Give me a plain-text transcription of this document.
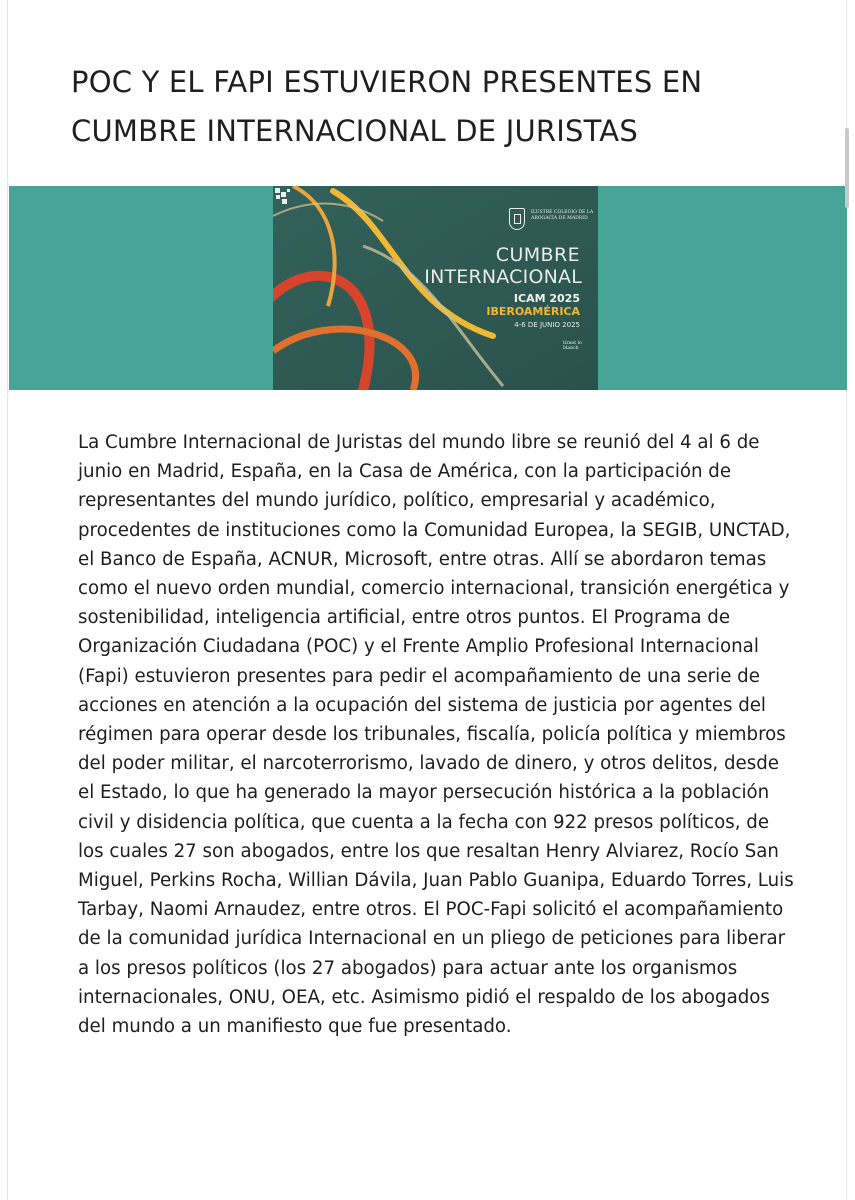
POC Y EL FAPI ESTUVIERON PRESENTES EN CUMBRE INTERNACIONAL DE JURISTAS
ILUSTRE COLEGIO DE LA ABOGACÍA DE MADRID
CUMBRE
INTERNACIONAL
ICAM 2025
IBEROAMÉRICA
4-6 DE JUNIO 2025
tirant lo blanch

La Cumbre Internacional de Juristas del mundo libre se reunió del 4 al 6 de junio en Madrid, España, en la Casa de América, con la participación de representantes del mundo jurídico, político, empresarial y académico, procedentes de instituciones como la Comunidad Europea, la SEGIB, UNCTAD, el Banco de España, ACNUR, Microsoft, entre otras. Allí se abordaron temas como el nuevo orden mundial, comercio internacional, transición energética y sostenibilidad, inteligencia artificial, entre otros puntos. El Programa de Organización Ciudadana (POC) y el Frente Amplio Profesional Internacional (Fapi) estuvieron presentes para pedir el acompañamiento de una serie de acciones en atención a la ocupación del sistema de justicia por agentes del régimen para operar desde los tribunales, fiscalía, policía política y miembros del poder militar, el narcoterrorismo, lavado de dinero, y otros delitos, desde el Estado, lo que ha generado la mayor persecución histórica a la población civil y disidencia política, que cuenta a la fecha con 922 presos políticos, de los cuales 27 son abogados, entre los que resaltan Henry Alviarez, Rocío San Miguel, Perkins Rocha, Willian Dávila, Juan Pablo Guanipa, Eduardo Torres, Luis Tarbay, Naomi Arnaudez, entre otros. El POC-Fapi solicitó el acompañamiento de la comunidad jurídica Internacional en un pliego de peticiones para liberar a los presos políticos (los 27 abogados) para actuar ante los organismos internacionales, ONU, OEA, etc. Asimismo pidió el respaldo de los abogados del mundo a un manifiesto que fue presentado.
